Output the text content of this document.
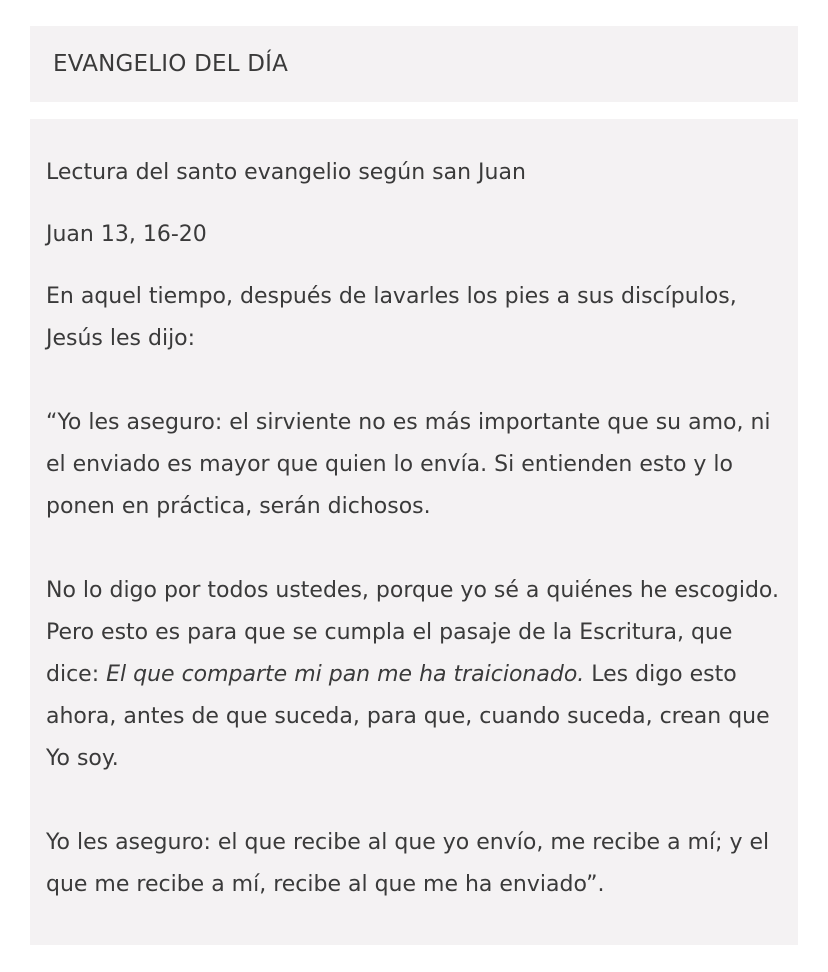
EVANGELIO DEL DÍA

Lectura del santo evangelio según san Juan

Juan 13, 16-20

En aquel tiempo, después de lavarles los pies a sus discípulos, Jesús les dijo:

“Yo les aseguro: el sirviente no es más importante que su amo, ni el enviado es mayor que quien lo envía. Si entienden esto y lo ponen en práctica, serán dichosos.

No lo digo por todos ustedes, porque yo sé a quiénes he escogido. Pero esto es para que se cumpla el pasaje de la Escritura, que dice: El que comparte mi pan me ha traicionado. Les digo esto ahora, antes de que suceda, para que, cuando suceda, crean que Yo soy.

Yo les aseguro: el que recibe al que yo envío, me recibe a mí; y el que me recibe a mí, recibe al que me ha enviado”.
